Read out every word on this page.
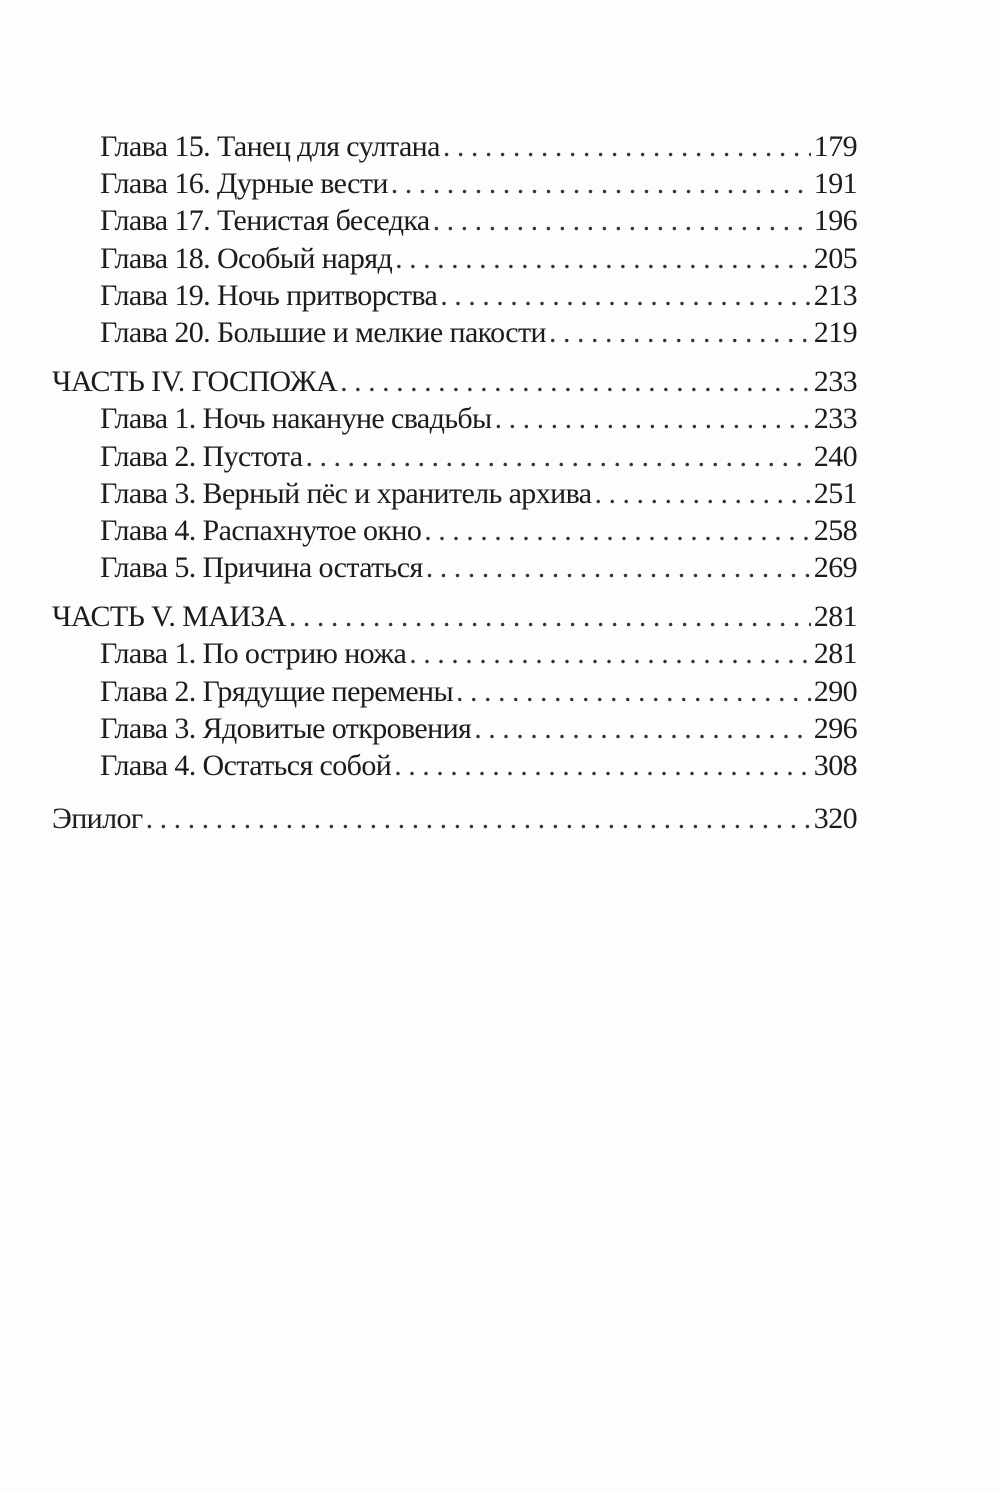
Глава 15. Танец для султана . . .	179
Глава 16. Дурные вести . . .	191
Глава 17. Тенистая беседка . . .	196
Глава 18. Особый наряд . . .	205
Глава 19. Ночь притворства . . .	213
Глава 20. Большие и мелкие пакости . . .	219
ЧАСТЬ IV. ГОСПОЖА . . .	233
Глава 1. Ночь накануне свадьбы . . .	233
Глава 2. Пустота . . .	240
Глава 3. Верный пёс и хранитель архива . . .	251
Глава 4. Распахнутое окно . . .	258
Глава 5. Причина остаться . . .	269
ЧАСТЬ V. МАИЗА . . .	281
Глава 1. По острию ножа . . .	281
Глава 2. Грядущие перемены . . .	290
Глава 3. Ядовитые откровения . . .	296
Глава 4. Остаться собой . . .	308
Эпилог . . .	320
